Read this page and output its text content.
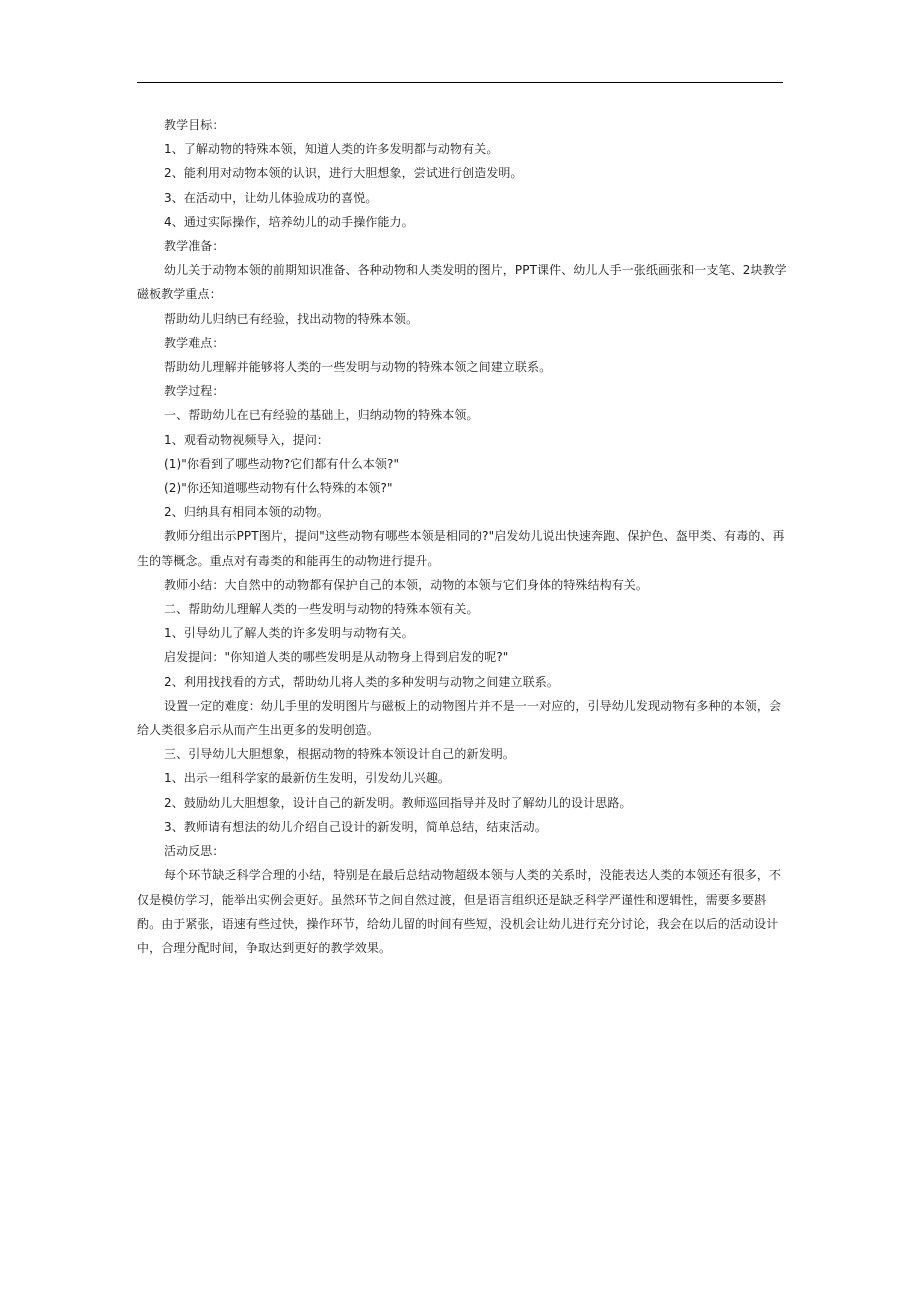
教学目标：

1、了解动物的特殊本领，知道人类的许多发明都与动物有关。

2、能利用对动物本领的认识，进行大胆想象，尝试进行创造发明。

3、在活动中，让幼儿体验成功的喜悦。

4、通过实际操作，培养幼儿的动手操作能力。

教学准备：

幼儿关于动物本领的前期知识准备、各种动物和人类发明的图片，PPT课件、幼儿人手一张纸画张和一支笔、2块教学磁板教学重点：

帮助幼儿归纳已有经验，找出动物的特殊本领。

教学难点：

帮助幼儿理解并能够将人类的一些发明与动物的特殊本领之间建立联系。

教学过程：

一、帮助幼儿在已有经验的基础上，归纳动物的特殊本领。

1、观看动物视频导入，提问：

(1)"你看到了哪些动物?它们都有什么本领?"

(2)"你还知道哪些动物有什么特殊的本领?"

2、归纳具有相同本领的动物。

教师分组出示PPT图片，提问"这些动物有哪些本领是相同的?"启发幼儿说出快速奔跑、保护色、盔甲类、有毒的、再生的等概念。重点对有毒类的和能再生的动物进行提升。

教师小结：大自然中的动物都有保护自己的本领，动物的本领与它们身体的特殊结构有关。

二、帮助幼儿理解人类的一些发明与动物的特殊本领有关。

1、引导幼儿了解人类的许多发明与动物有关。

启发提问："你知道人类的哪些发明是从动物身上得到启发的呢?"

2、利用找找看的方式，帮助幼儿将人类的多种发明与动物之间建立联系。

设置一定的难度：幼儿手里的发明图片与磁板上的动物图片并不是一一对应的，引导幼儿发现动物有多种的本领，会给人类很多启示从而产生出更多的发明创造。

三、引导幼儿大胆想象，根据动物的特殊本领设计自己的新发明。

1、出示一组科学家的最新仿生发明，引发幼儿兴趣。

2、鼓励幼儿大胆想象，设计自己的新发明。教师巡回指导并及时了解幼儿的设计思路。

3、教师请有想法的幼儿介绍自己设计的新发明，简单总结，结束活动。

活动反思：

每个环节缺乏科学合理的小结，特别是在最后总结动物超级本领与人类的关系时，没能表达人类的本领还有很多，不仅是模仿学习，能举出实例会更好。虽然环节之间自然过渡，但是语言组织还是缺乏科学严谨性和逻辑性，需要多要斟酌。由于紧张，语速有些过快，操作环节，给幼儿留的时间有些短，没机会让幼儿进行充分讨论，我会在以后的活动设计中，合理分配时间，争取达到更好的教学效果。
